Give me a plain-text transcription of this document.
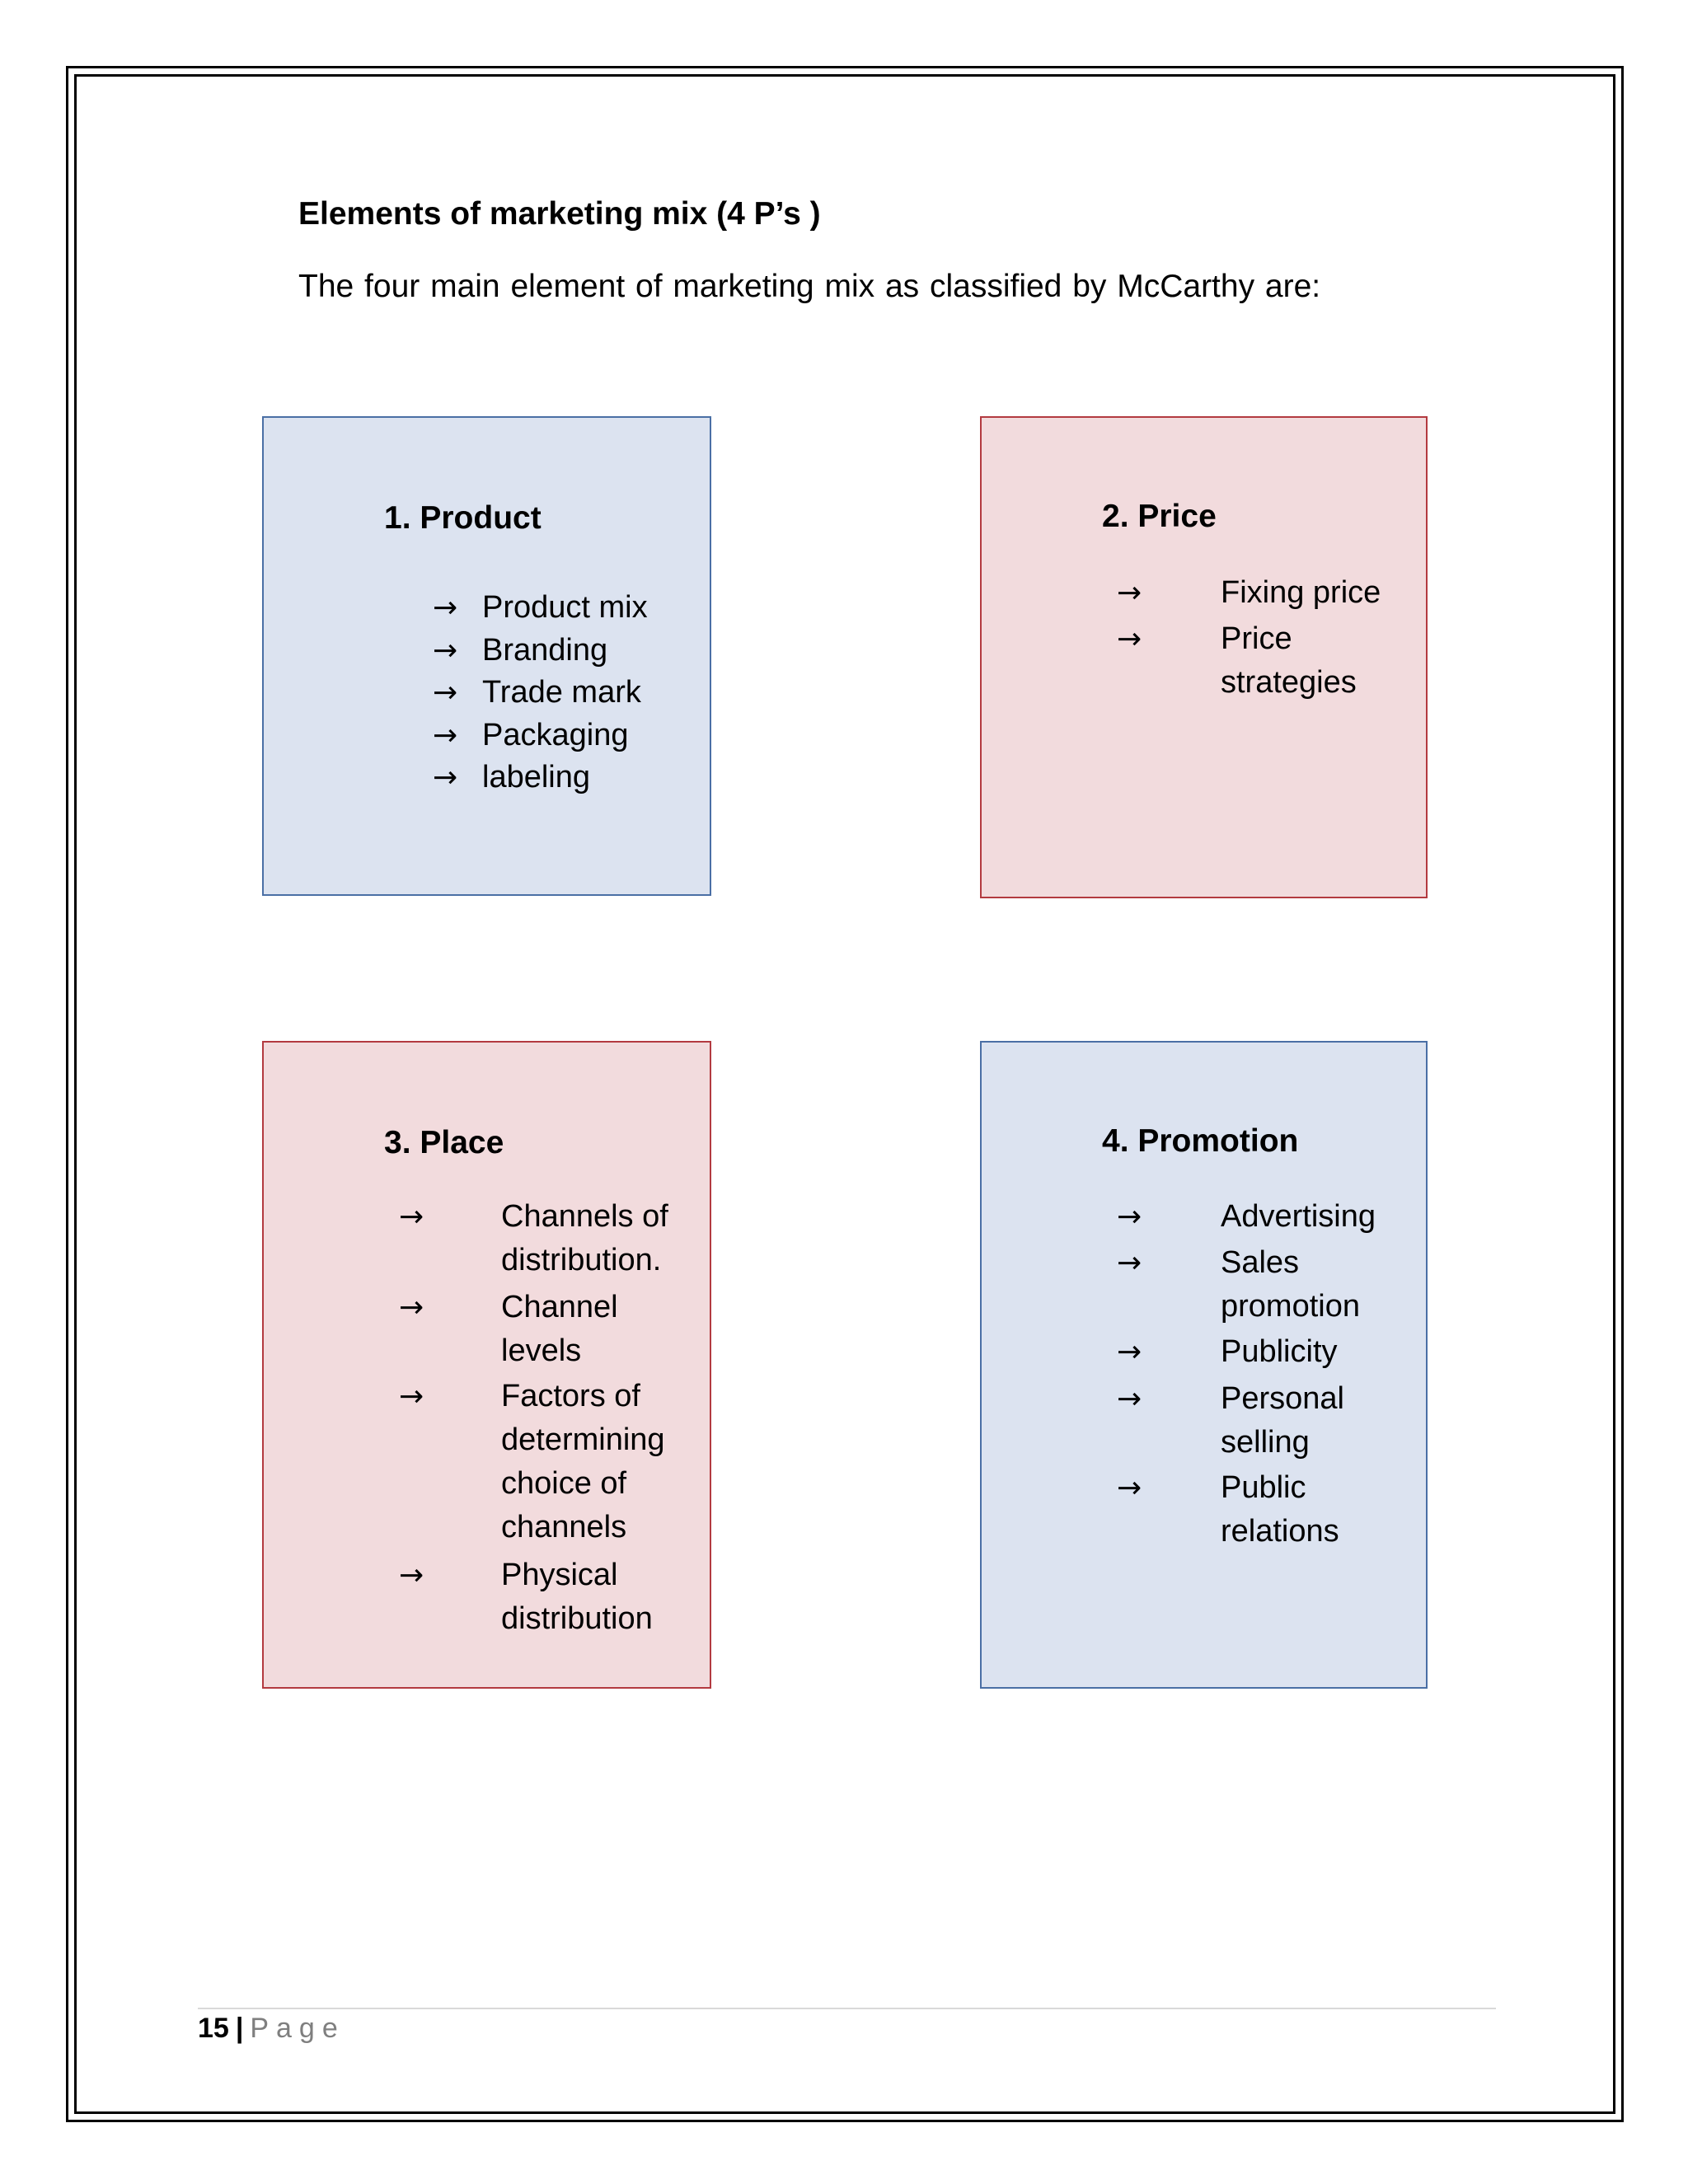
Elements of marketing mix (4 P’s )
The four main element of marketing mix as classified by McCarthy are:
1. Product
→ Product mix
→ Branding
→ Trade mark
→ Packaging
→ labeling
2. Price
→	Fixing price
→	Price
strategies
3. Place
→ Channels of
distribution.
→ Channel
levels
→ Factors of
determining
choice of
channels
→ Physical
distribution
4. Promotion
→	Advertising
→	Sales
promotion
→	Publicity
→	Personal
selling
→	Public
relations
15 | Page
